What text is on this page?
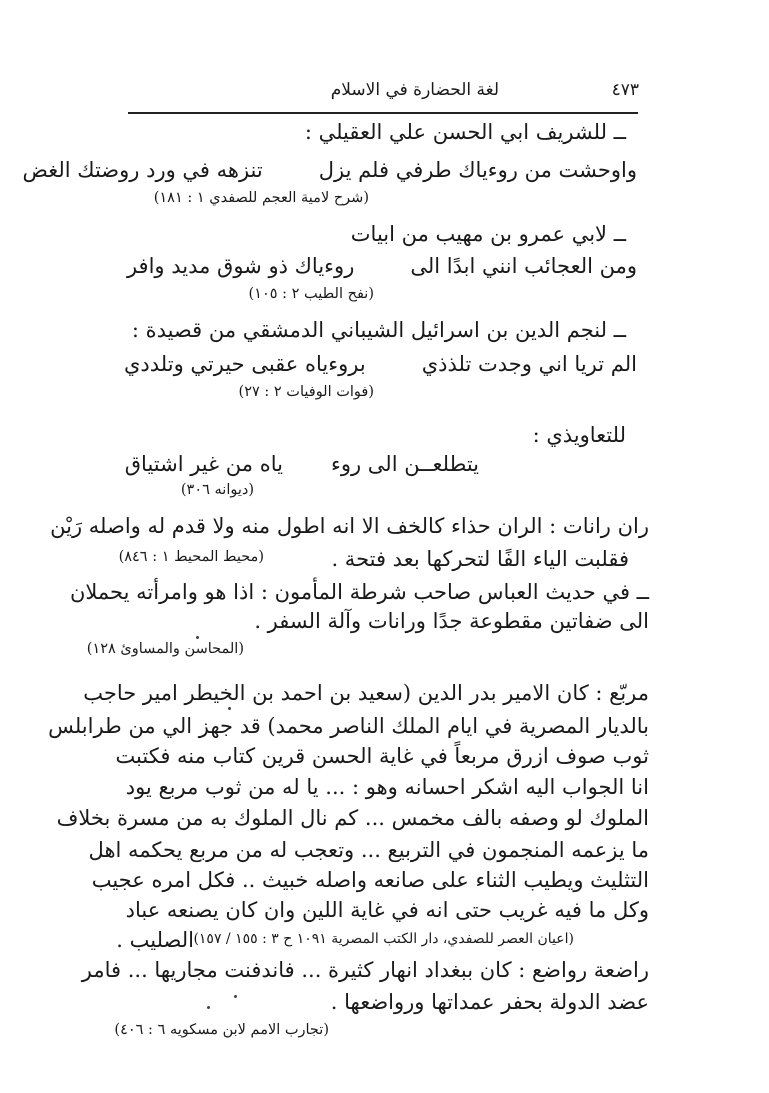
٤٧٣
لغة الحضارة في الاسلام
ــ للشريف ابي الحسن علي العقيلي :
واوحشت من روءياك طرفي فلم يزلتنزهه في ورد روضتك الغض
(شرح لامية العجم للصفدي ١ : ١٨١)
ــ لابي عمرو بن مهيب من ابيات
ومن العجائب انني ابدًا الىروءياك ذو شوق مديد وافر
(نفح الطيب ٢ : ١٠٥)
ــ لنجم الدين بن اسرائيل الشيباني الدمشقي من قصيدة :
الم تريا اني وجدت تلذذيبروءياه عقبى حيرتي وتلددي
(فوات الوفيات ٢ : ٢٧)
للتعاويذي :
يتطلعــن الى روءياه من غير اشتياق
(ديوانه ٣٠٦)
ران رانات : الران حذاء كالخف الا انه اطول منه ولا قدم له واصله رَيْن
فقلبت الياء الفًا لتحركها بعد فتحة .
(محيط المحيط ١ : ٨٤٦)
ــ في حديث العباس صاحب شرطة المأمون : اذا هو وامرأته يحملان
الى ضفاتين مقطوعة جدًا ورانات وآلة السفر .
(المحاسن والمساوئ ١٢٨)
مربّع : كان الامير بدر الدين (سعيد بن احمد بن الخيطر امير حاجب
بالديار المصرية في ايام الملك الناصر محمد) قد جهز الي من طرابلس
ثوب صوف ازرق مربعاً في غاية الحسن قرين كتاب منه فكتبت
انا الجواب اليه اشكر احسانه وهو : ... يا له من ثوب مربع يود
الملوك لو وصفه بالف مخمس ... كم نال الملوك به من مسرة بخلاف
ما يزعمه المنجمون في التربيع ... وتعجب له من مربع يحكمه اهل
التثليث ويطيب الثناء على صانعه واصله خبيث .. فكل امره عجيب
وكل ما فيه غريب حتى انه في غاية اللين وان كان يصنعه عباد
الصليب . (اعيان العصر للصفدي، دار الكتب المصرية ١٠٩١ ح ٣ : ١٥٥ / ١٥٧)
راضعة رواضع : كان ببغداد انهار كثيرة ... فاندفنت مجاريها ... فامر
عضد الدولة بحفر عمداتها ورواضعها .
(تجارب الامم لابن مسكويه ٦ : ٤٠٦)
